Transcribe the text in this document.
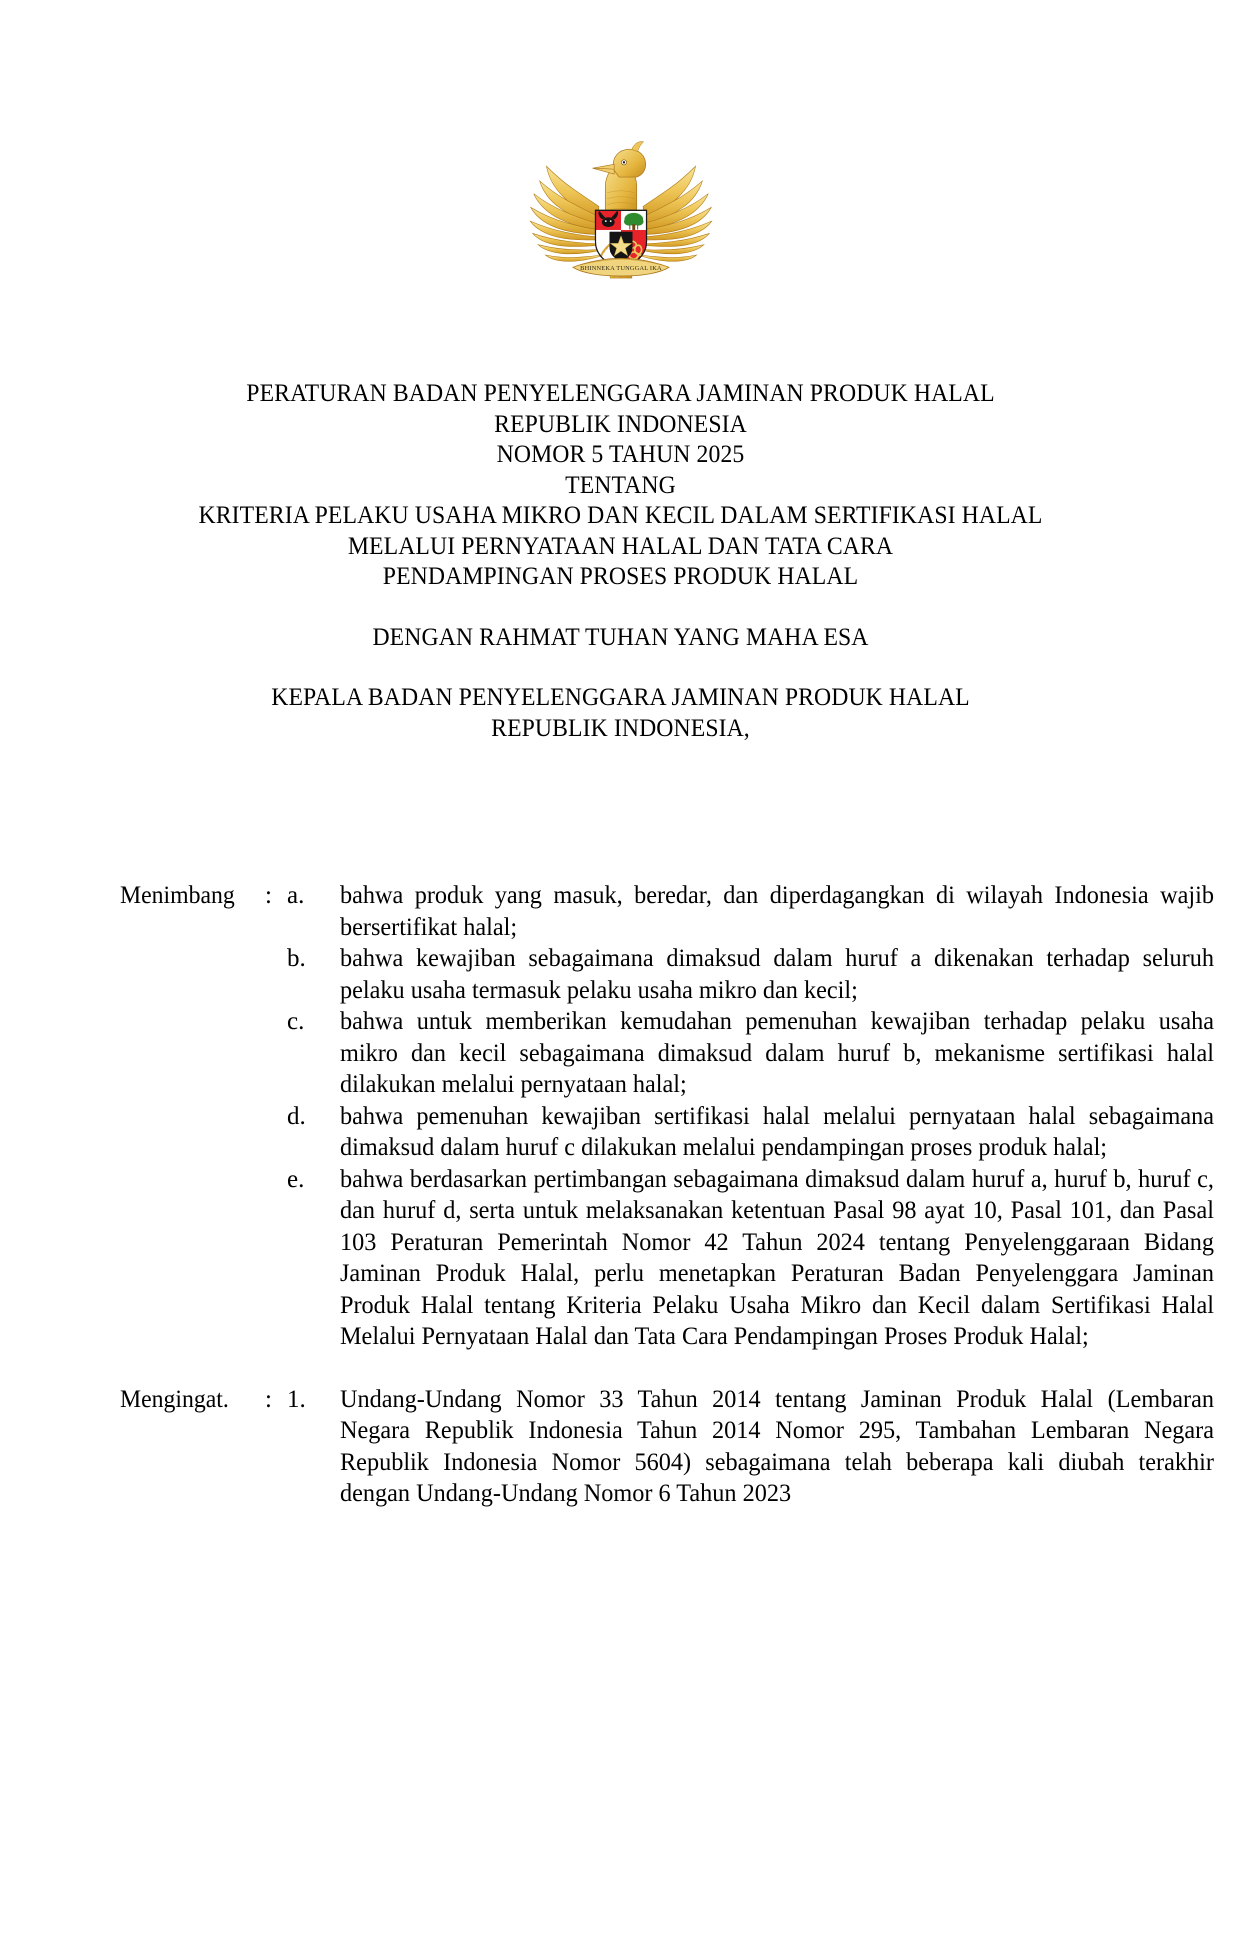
BHINNEKA TUNGGAL IKA
PERATURAN BADAN PENYELENGGARA JAMINAN PRODUK HALAL
REPUBLIK INDONESIA
NOMOR 5 TAHUN 2025
TENTANG
KRITERIA PELAKU USAHA MIKRO DAN KECIL DALAM SERTIFIKASI HALAL
MELALUI PERNYATAAN HALAL DAN TATA CARA
PENDAMPINGAN PROSES PRODUK HALAL
DENGAN RAHMAT TUHAN YANG MAHA ESA
KEPALA BADAN PENYELENGGARA JAMINAN PRODUK HALAL
REPUBLIK INDONESIA,
Menimbang	: a.	bahwa produk yang masuk, beredar, dan diperdagangkan di wilayah Indonesia wajib bersertifikat halal;
b.	bahwa kewajiban sebagaimana dimaksud dalam huruf a dikenakan terhadap seluruh pelaku usaha termasuk pelaku usaha mikro dan kecil;
c.	bahwa untuk memberikan kemudahan pemenuhan kewajiban terhadap pelaku usaha mikro dan kecil sebagaimana dimaksud dalam huruf b, mekanisme sertifikasi halal dilakukan melalui pernyataan halal;
d.	bahwa pemenuhan kewajiban sertifikasi halal melalui pernyataan halal sebagaimana dimaksud dalam huruf c dilakukan melalui pendampingan proses produk halal;
e.	bahwa berdasarkan pertimbangan sebagaimana dimaksud dalam huruf a, huruf b, huruf c, dan huruf d, serta untuk melaksanakan ketentuan Pasal 98 ayat 10, Pasal 101, dan Pasal 103 Peraturan Pemerintah Nomor 42 Tahun 2024 tentang Penyelenggaraan Bidang Jaminan Produk Halal, perlu menetapkan Peraturan Badan Penyelenggara Jaminan Produk Halal tentang Kriteria Pelaku Usaha Mikro dan Kecil dalam Sertifikasi Halal Melalui Pernyataan Halal dan Tata Cara Pendampingan Proses Produk Halal;
Mengingat.	: 1.	Undang-Undang Nomor 33 Tahun 2014 tentang Jaminan Produk Halal (Lembaran Negara Republik Indonesia Tahun 2014 Nomor 295, Tambahan Lembaran Negara Republik Indonesia Nomor 5604) sebagaimana telah beberapa kali diubah terakhir dengan Undang-Undang Nomor 6 Tahun 2023
